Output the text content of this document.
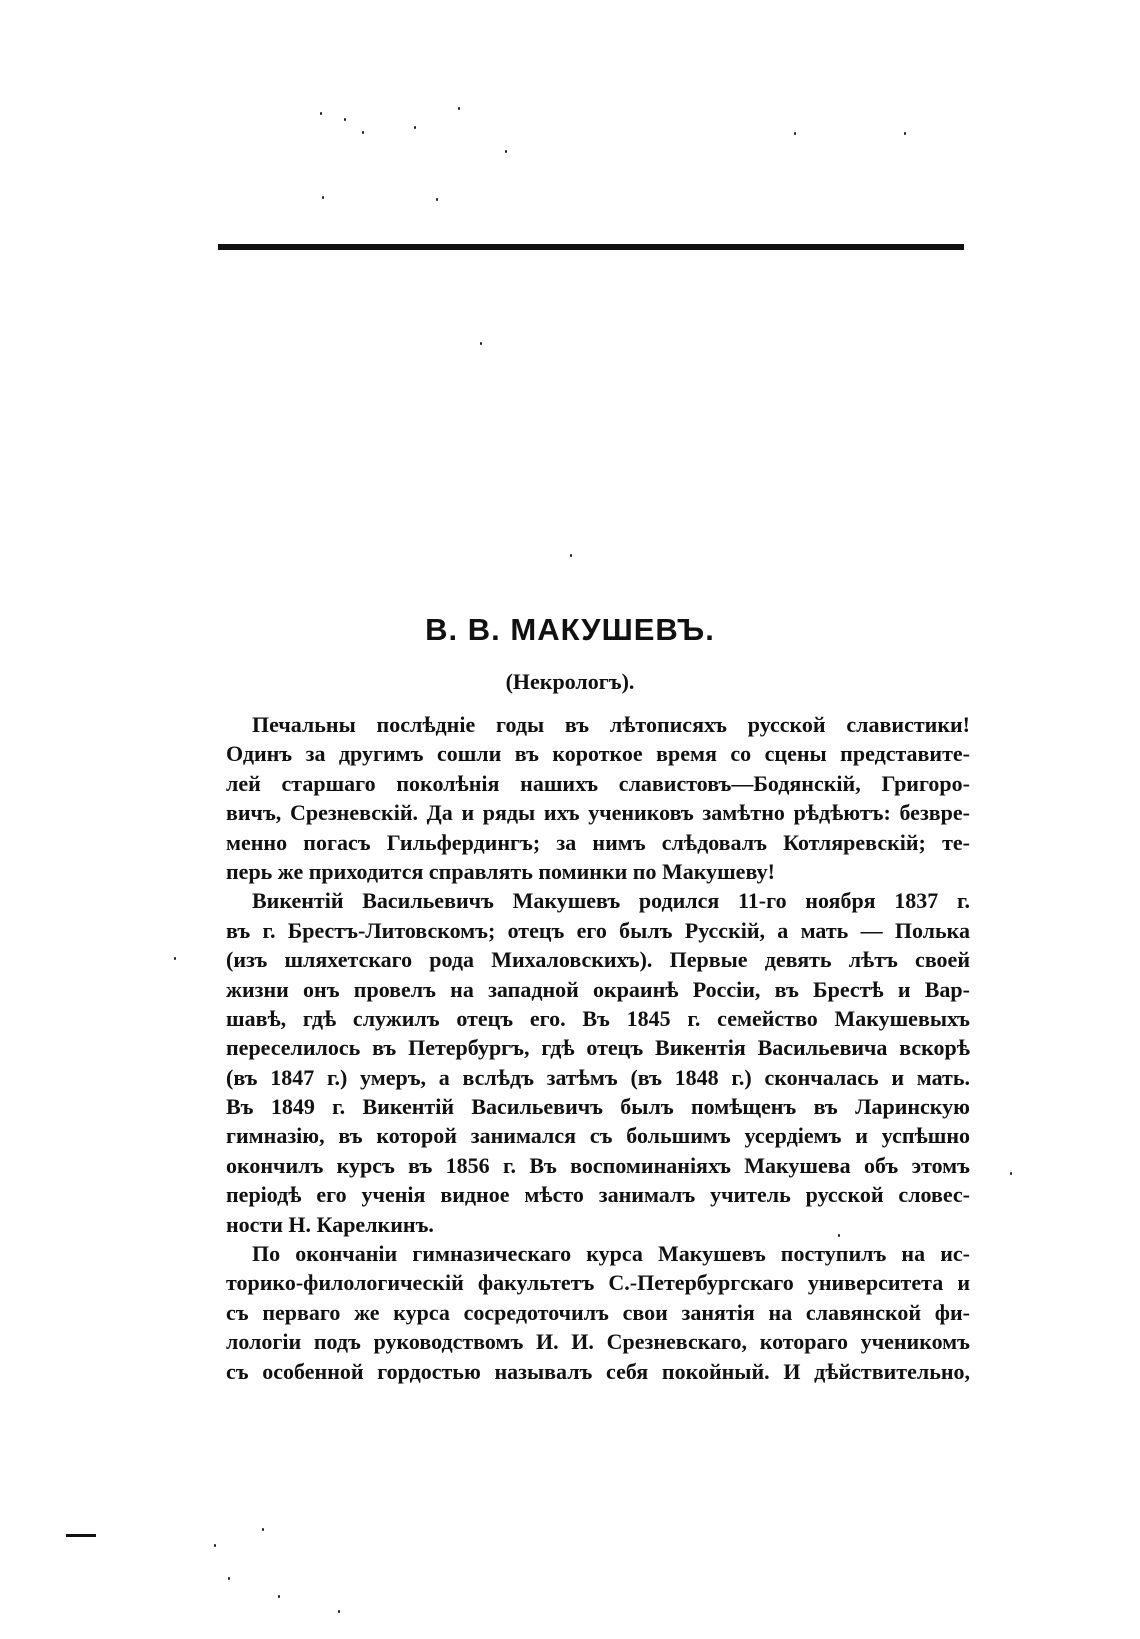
В. В. МАКУШЕВЪ.
(Некрологъ).
Печальны послѣдніе годы въ лѣтописяхъ русской славистики!
Одинъ за другимъ сошли въ короткое время со сцены представите-
лей старшаго поколѣнія нашихъ славистовъ—Бодянскій, Григоро-
вичъ, Срезневскій. Да и ряды ихъ учениковъ замѣтно рѣдѣютъ: безвре-
менно погасъ Гильфердингъ; за нимъ слѣдовалъ Котляревскій; те-
перь же приходится справлять поминки по Макушеву!
Викентій Васильевичъ Макушевъ родился 11-го ноября 1837 г.
въ г. Брестъ-Литовскомъ; отецъ его былъ Русскій, а мать — Полька
(изъ шляхетскаго рода Михаловскихъ). Первые девять лѣтъ своей
жизни онъ провелъ на западной окраинѣ Россіи, въ Брестѣ и Вар-
шавѣ, гдѣ служилъ отецъ его. Въ 1845 г. семейство Макушевыхъ
переселилось въ Петербургъ, гдѣ отецъ Викентія Васильевича вскорѣ
(въ 1847 г.) умеръ, а вслѣдъ затѣмъ (въ 1848 г.) скончалась и мать.
Въ 1849 г. Викентій Васильевичъ былъ помѣщенъ въ Ларинскую
гимназію, въ которой занимался съ большимъ усердіемъ и успѣшно
окончилъ курсъ въ 1856 г. Въ воспоминаніяхъ Макушева объ этомъ
періодѣ его ученія видное мѣсто занималъ учитель русской словес-
ности Н. Карелкинъ.
По окончаніи гимназическаго курса Макушевъ поступилъ на ис-
торико-филологическій факультетъ С.-Петербургскаго университета и
съ перваго же курса сосредоточилъ свои занятія на славянской фи-
лологіи подъ руководствомъ И. И. Срезневскаго, котораго ученикомъ
съ особенной гордостью называлъ себя покойный. И дѣйствительно,
